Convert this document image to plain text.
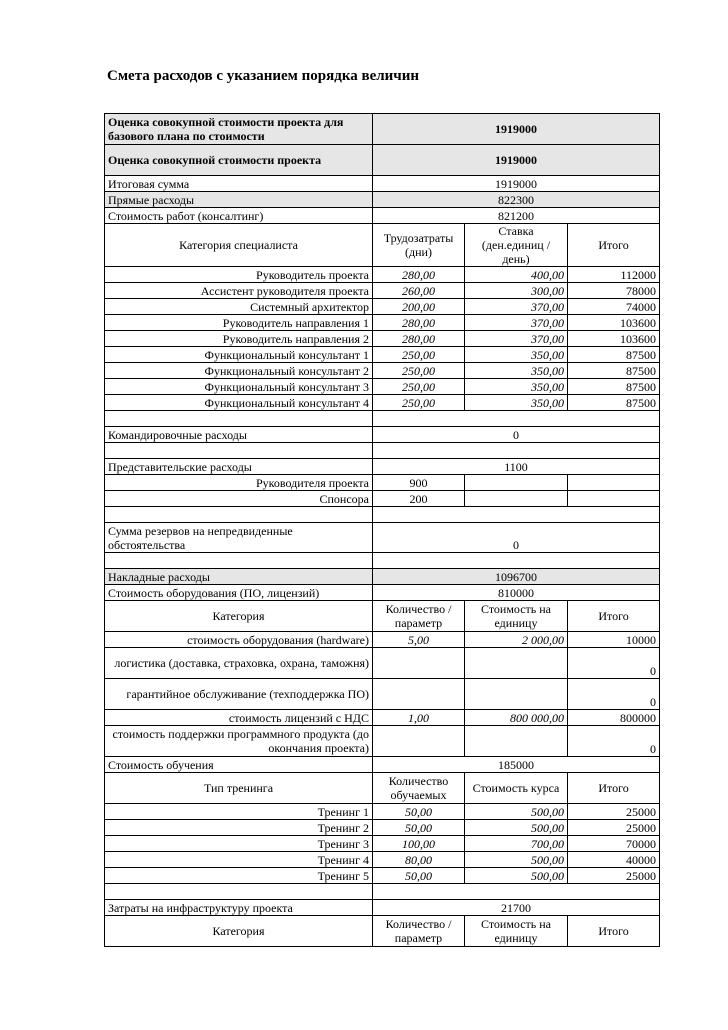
Смета расходов с указанием порядка величин
Оценка совокупной стоимости проекта для базового плана по стоимости	1919000		
Оценка совокупной стоимости проекта	1919000		
Итоговая сумма	1919000		
Прямые расходы	822300		
Стоимость работ (консалтинг)	821200		
Категория специалиста	Трудозатраты (дни)	Ставка (ден.единиц / день)	Итого
Руководитель проекта	280,00	400,00	112000
Ассистент руководителя проекта	260,00	300,00	78000
Системный архитектор	200,00	370,00	74000
Руководитель направления 1	280,00	370,00	103600
Руководитель направления 2	280,00	370,00	103600
Функциональный консультант 1	250,00	350,00	87500
Функциональный консультант 2	250,00	350,00	87500
Функциональный консультант 3	250,00	350,00	87500
Функциональный консультант 4	250,00	350,00	87500

Командировочные расходы	0		

Представительские расходы	1100		
Руководителя проекта	900		
Спонсора	200		

Сумма резервов на непредвиденные обстоятельства	0		

Накладные расходы	1096700		
Стоимость оборудования (ПО, лицензий)	810000		
Категория	Количество / параметр	Стоимость на единицу	Итого
стоимость оборудования (hardware)	5,00	2 000,00	10000
логистика (доставка, страховка, охрана, таможня)			0
гарантийное обслуживание (техподдержка ПО)			0
стоимость лицензий с НДС	1,00	800 000,00	800000
стоимость поддержки программного продукта (до окончания проекта)			0
Стоимость обучения	185000		
Тип тренинга	Количество обучаемых	Стоимость курса	Итого
Тренинг 1	50,00	500,00	25000
Тренинг 2	50,00	500,00	25000
Тренинг 3	100,00	700,00	70000
Тренинг 4	80,00	500,00	40000
Тренинг 5	50,00	500,00	25000

Затраты на инфраструктуру проекта	21700		
Категория	Количество / параметр	Стоимость на единицу	Итого
